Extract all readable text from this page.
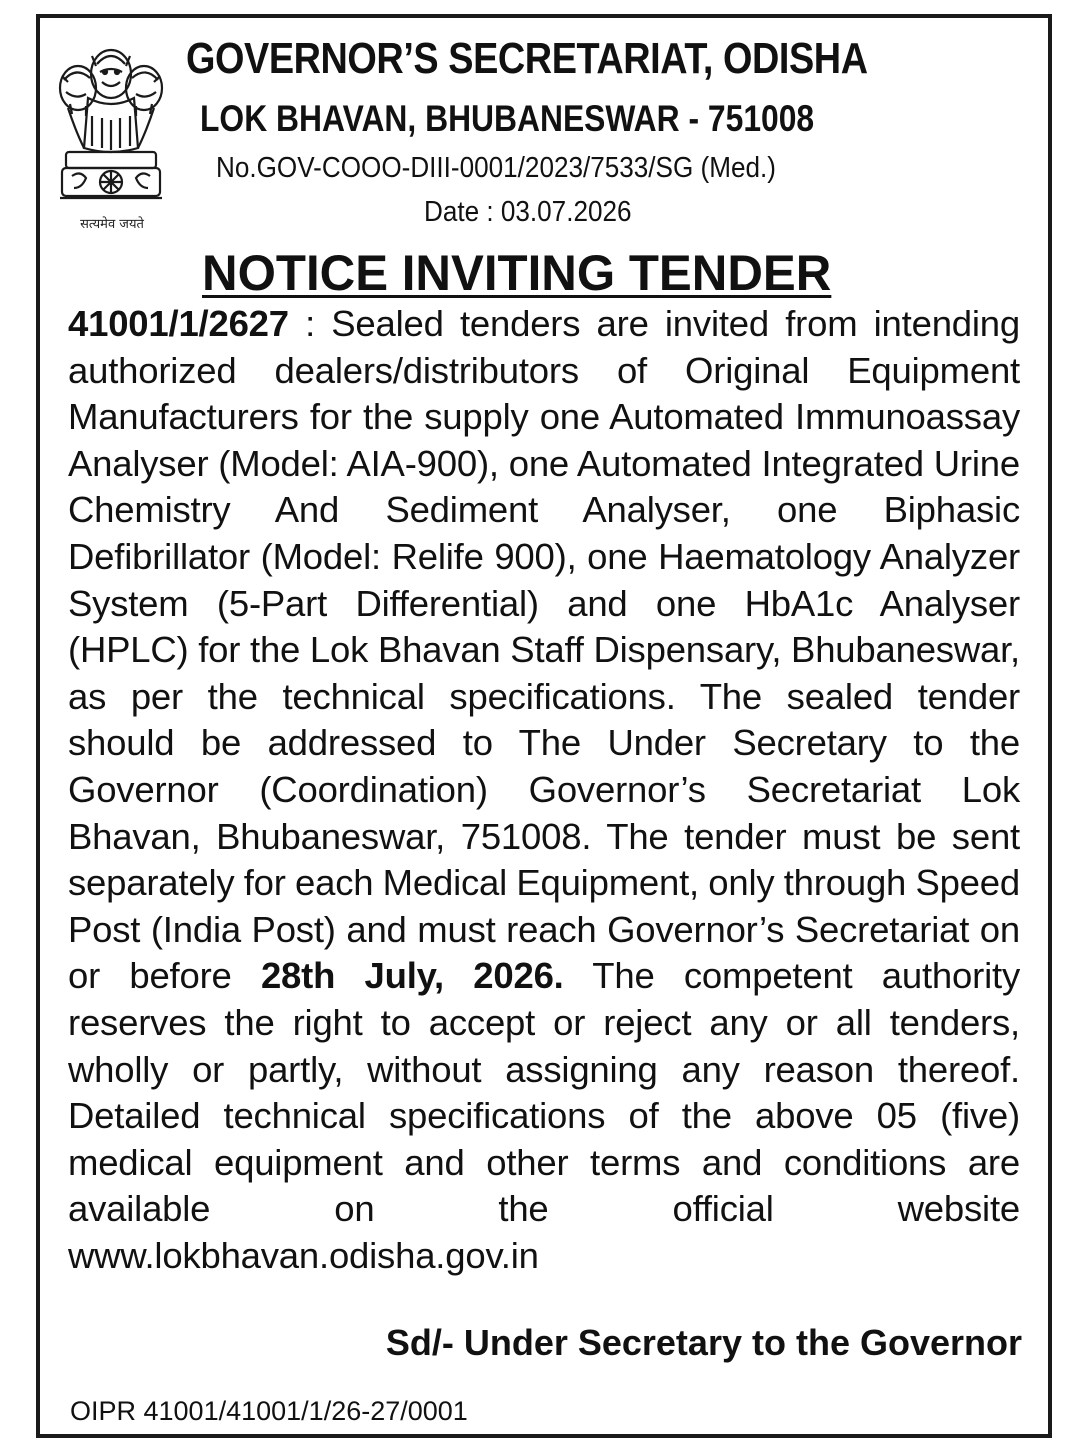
सत्यमेव जयते
GOVERNOR’S SECRETARIAT, ODISHA
LOK BHAVAN, BHUBANESWAR - 751008
No.GOV-COOO-DIII-0001/2023/7533/SG (Med.)
Date : 03.07.2026
NOTICE INVITING TENDER
41001/1/2627 : Sealed tenders are invited from intending authorized dealers/distributors of Original Equipment Manufacturers for the supply one Automated Immunoassay Analyser (Model: AIA-900), one Automated Integrated Urine Chemistry And Sediment Analyser, one Biphasic Defibrillator (Model: Relife 900), one Haematology Analyzer System (5-Part Differential) and one HbA1c Analyser (HPLC) for the Lok Bhavan Staff Dispensary, Bhubaneswar, as per the technical specifications. The sealed tender should be addressed to The Under Secretary to the Governor (Coordination) Governor’s Secretariat Lok Bhavan, Bhubaneswar, 751008. The tender must be sent separately for each Medical Equipment, only through Speed Post (India Post) and must reach Governor’s Secretariat on or before 28th July, 2026. The competent authority reserves the right to accept or reject any or all tenders, wholly or partly, without assigning any reason thereof. Detailed technical specifications of the above 05 (five) medical equipment and other terms and conditions are available on the official website www.lokbhavan.odisha.gov.in
Sd/- Under Secretary to the Governor
OIPR 41001/41001/1/26-27/0001
